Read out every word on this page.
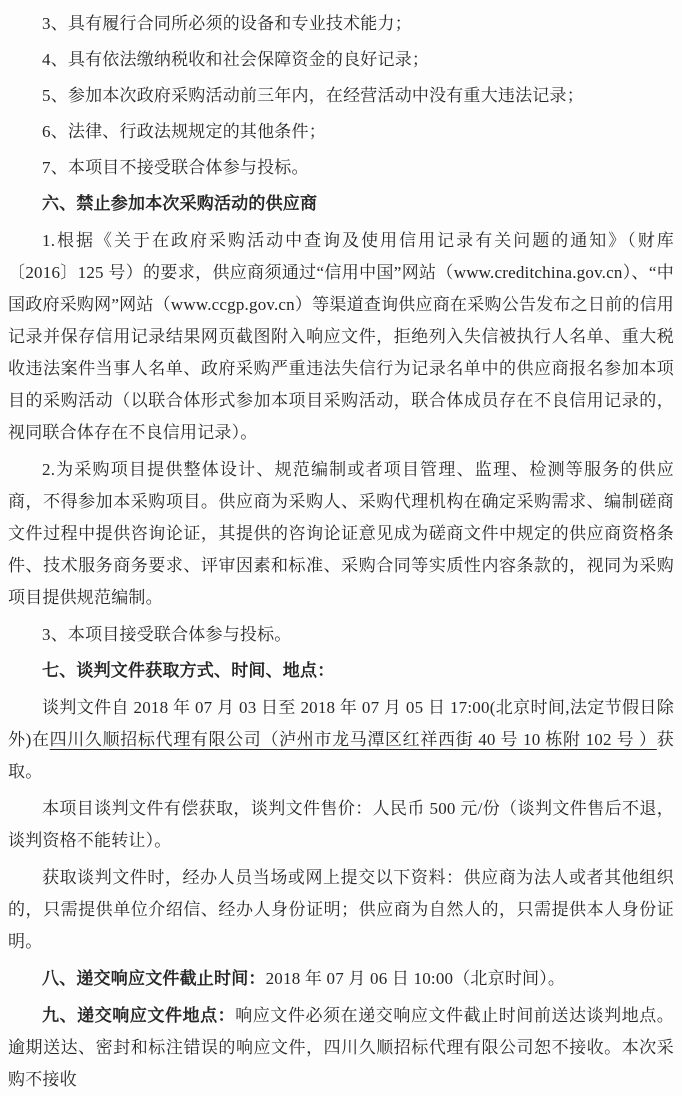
3、具有履行合同所必须的设备和专业技术能力；

4、具有依法缴纳税收和社会保障资金的良好记录；

5、参加本次政府采购活动前三年内，在经营活动中没有重大违法记录；

6、法律、行政法规规定的其他条件；

7、本项目不接受联合体参与投标。

六、禁止参加本次采购活动的供应商

1.根据《关于在政府采购活动中查询及使用信用记录有关问题的通知》（财库〔2016〕125 号）的要求，供应商须通过“信用中国”网站（www.creditchina.gov.cn）、“中国政府采购网”网站（www.ccgp.gov.cn）等渠道查询供应商在采购公告发布之日前的信用记录并保存信用记录结果网页截图附入响应文件，拒绝列入失信被执行人名单、重大税收违法案件当事人名单、政府采购严重违法失信行为记录名单中的供应商报名参加本项目的采购活动（以联合体形式参加本项目采购活动，联合体成员存在不良信用记录的，视同联合体存在不良信用记录）。

2.为采购项目提供整体设计、规范编制或者项目管理、监理、检测等服务的供应商，不得参加本采购项目。供应商为采购人、采购代理机构在确定采购需求、编制磋商文件过程中提供咨询论证，其提供的咨询论证意见成为磋商文件中规定的供应商资格条件、技术服务商务要求、评审因素和标准、采购合同等实质性内容条款的，视同为采购项目提供规范编制。

3、本项目接受联合体参与投标。

七、谈判文件获取方式、时间、地点：

谈判文件自 2018 年 07 月 03 日至 2018 年 07 月 05 日 17:00(北京时间,法定节假日除外)在四川久顺招标代理有限公司（泸州市龙马潭区红祥西街 40 号 10 栋附 102 号 ）获取。

本项目谈判文件有偿获取，谈判文件售价：人民币 500 元/份（谈判文件售后不退，谈判资格不能转让）。

获取谈判文件时，经办人员当场或网上提交以下资料：供应商为法人或者其他组织的，只需提供单位介绍信、经办人身份证明；供应商为自然人的，只需提供本人身份证明。

八、递交响应文件截止时间：2018 年 07 月 06 日 10:00（北京时间）。

九、递交响应文件地点：响应文件必须在递交响应文件截止时间前送达谈判地点。逾期送达、密封和标注错误的响应文件，四川久顺招标代理有限公司恕不接收。本次采购不接收
